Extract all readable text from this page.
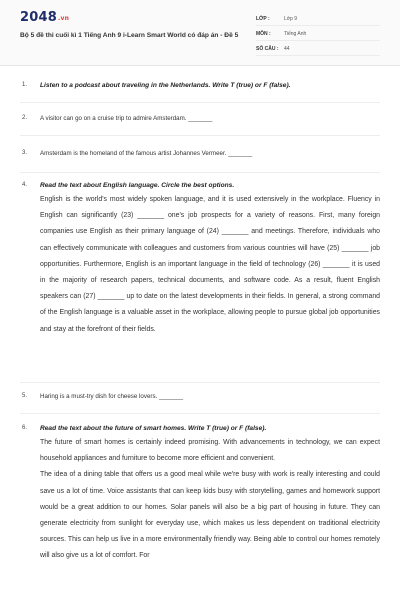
2048.vn
Bộ 5 đề thi cuối kì 1 Tiếng Anh 9 i-Learn Smart World có đáp án - Đề 5
LỚP :	Lớp 9
MÔN :	Tiếng Anh
SỐ CÂU : 44
1. Listen to a podcast about traveling in the Netherlands. Write T (true) or F (false).
2. A visitor can go on a cruise trip to admire Amsterdam. _______
3. Amsterdam is the homeland of the famous artist Johannes Vermeer. _______
4. Read the text about English language. Circle the best options.

English is the world's most widely spoken language, and it is used extensively in the workplace. Fluency in English can significantly (23) _______ one's job prospects for a variety of reasons. First, many foreign companies use English as their primary language of (24) _______ and meetings. Therefore, individuals who can effectively communicate with colleagues and customers from various countries will have (25) _______ job opportunities. Furthermore, English is an important language in the field of technology (26) _______ it is used in the majority of research papers, technical documents, and software code. As a result, fluent English speakers can (27) _______ up to date on the latest developments in their fields. In general, a strong command of the English language is a valuable asset in the workplace, allowing people to pursue global job opportunities and stay at the forefront of their fields.

5. Haring is a must-try dish for cheese lovers. _______
6. Read the text about the future of smart homes. Write T (true) or F (false).

The future of smart homes is certainly indeed promising. With advancements in technology, we can expect household appliances and furniture to become more efficient and convenient.

The idea of a dining table that offers us a good meal while we're busy with work is really interesting and could save us a lot of time. Voice assistants that can keep kids busy with storytelling, games and homework support would be a great addition to our homes. Solar panels will also be a big part of housing in future. They can generate electricity from sunlight for everyday use, which makes us less dependent on traditional electricity sources. This can help us live in a more environmentally friendly way. Being able to control our homes remotely will also give us a lot of comfort. For
